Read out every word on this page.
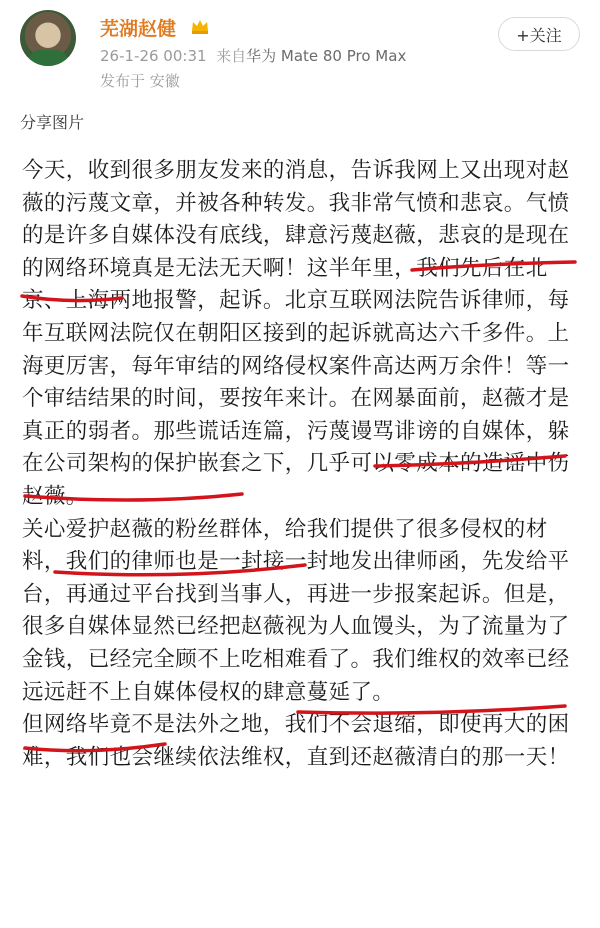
芜湖赵健
26-1-26 00:31 来自华为 Mate 80 Pro Max
发布于 安徽
+关注
分享图片

今天，收到很多朋友发来的消息，告诉我网上又出现对赵薇的污蔑文章，并被各种转发。我非常气愤和悲哀。气愤的是许多自媒体没有底线，肆意污蔑赵薇，悲哀的是现在的网络环境真是无法无天啊！这半年里，我们先后在北京、上海两地报警，起诉。北京互联网法院告诉律师，每年互联网法院仅在朝阳区接到的起诉就高达六千多件。上海更厉害，每年审结的网络侵权案件高达两万余件！等一个审结结果的时间，要按年来计。在网暴面前，赵薇才是真正的弱者。那些谎话连篇，污蔑谩骂诽谤的自媒体，躲在公司架构的保护嵌套之下，几乎可以零成本的造谣中伤赵薇。

关心爱护赵薇的粉丝群体，给我们提供了很多侵权的材料，我们的律师也是一封接一封地发出律师函，先发给平台，再通过平台找到当事人，再进一步报案起诉。但是，很多自媒体显然已经把赵薇视为人血馒头，为了流量为了金钱，已经完全顾不上吃相难看了。我们维权的效率已经远远赶不上自媒体侵权的肆意蔓延了。

但网络毕竟不是法外之地，我们不会退缩，即使再大的困难，我们也会继续依法维权，直到还赵薇清白的那一天！
